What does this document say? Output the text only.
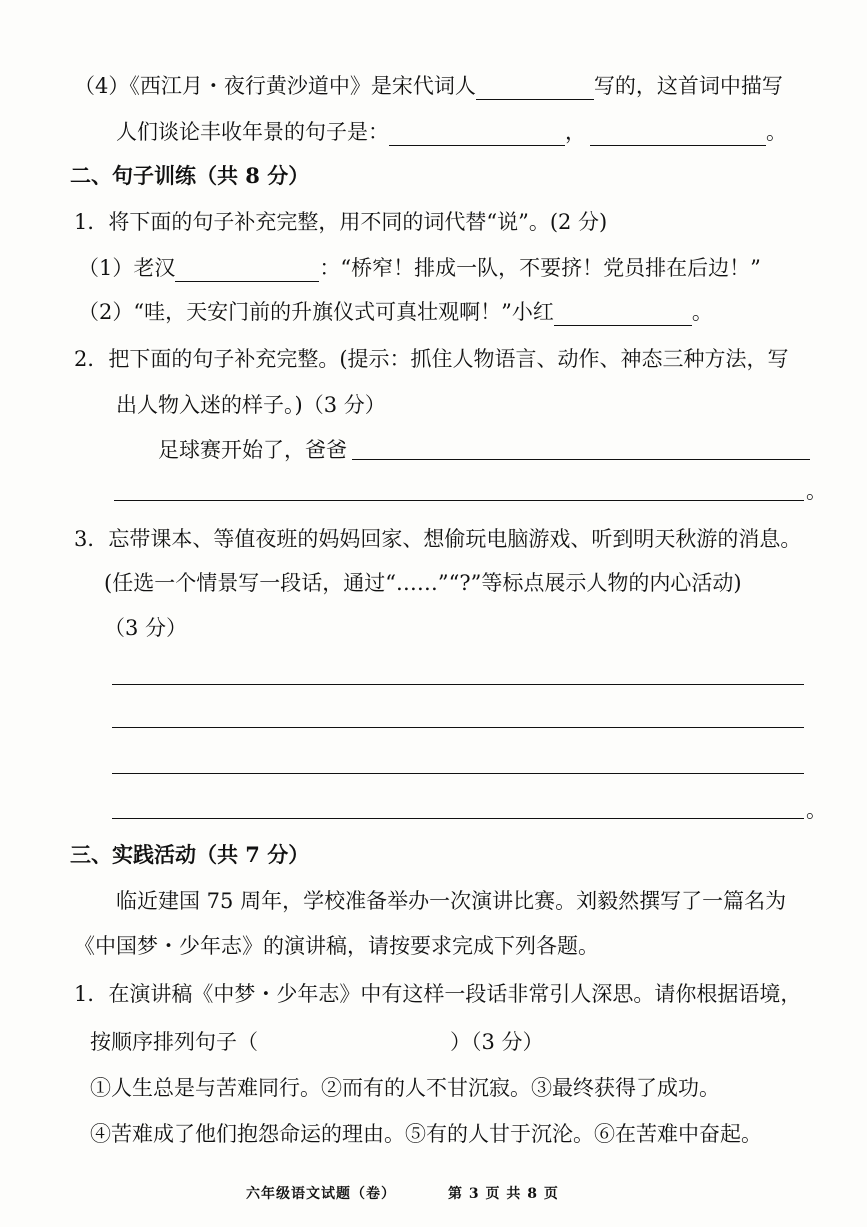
（4）《西江月・夜行黄沙道中》是宋代词人	写的，这首词中描写
人们谈论丰收年景的句子是：	，	。
二、句子训练（共 8 分）
1．将下面的句子补充完整，用不同的词代替“说”。(2 分)
（1）老汉	：“桥窄！排成一队，不要挤！党员排在后边！”
（2）“哇，天安门前的升旗仪式可真壮观啊！”小红	。
2．把下面的句子补充完整。(提示：抓住人物语言、动作、神态三种方法，写
出人物入迷的样子。)（3 分）
足球赛开始了，爸爸
。
3．忘带课本、等值夜班的妈妈回家、想偷玩电脑游戏、听到明天秋游的消息。
(任选一个情景写一段话，通过“……”“?”等标点展示人物的内心活动)
（3 分）
。
三、实践活动（共 7 分）
临近建国 75 周年，学校准备举办一次演讲比赛。刘毅然撰写了一篇名为
《中国梦・少年志》的演讲稿，请按要求完成下列各题。
1．在演讲稿《中梦・少年志》中有这样一段话非常引人深思。请你根据语境，
按顺序排列句子（	）（3 分）
①人生总是与苦难同行。②而有的人不甘沉寂。③最终获得了成功。
④苦难成了他们抱怨命运的理由。⑤有的人甘于沉沦。⑥在苦难中奋起。
六年级语文试题（卷）	第 3 页 共 8 页
